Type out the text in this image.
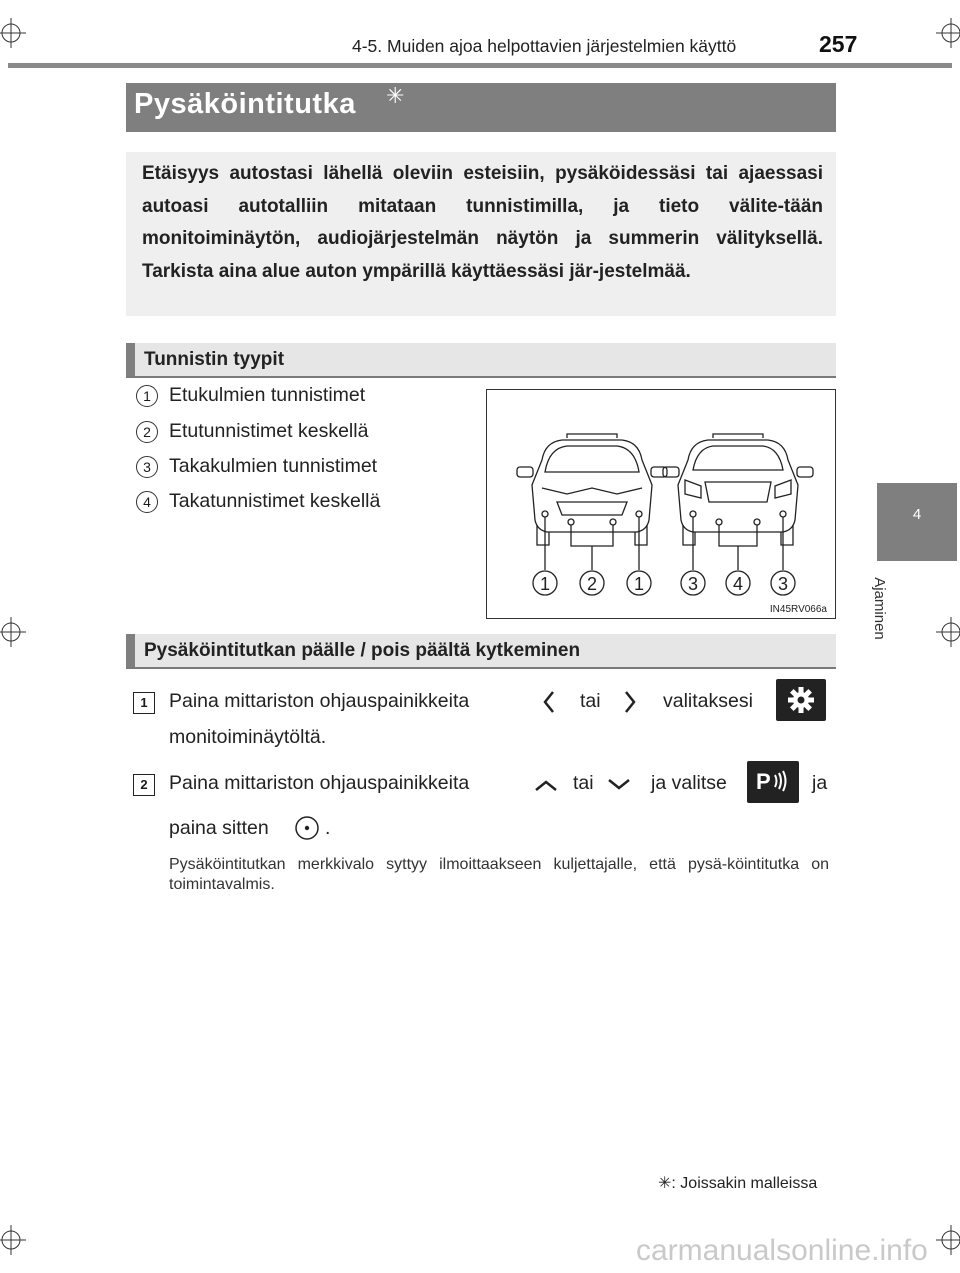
4-5. Muiden ajoa helpottavien järjestelmien käyttö	257
4
Ajaminen
Pysäköintitutka ✳
Etäisyys autostasi lähellä oleviin esteisiin, pysäköidessäsi tai ajaessasi autoasi autotalliin mitataan tunnistimilla, ja tieto välite-tään monitoiminäytön, audiojärjestelmän näytön ja summerin välityksellä. Tarkista aina alue auton ympärillä käyttäessäsi jär-jestelmää.
Tunnistin tyypit
1 Etukulmien tunnistimet
2 Etutunnistimet keskellä
3 Takakulmien tunnistimet
4 Takatunnistimet keskellä
1 2 1 3 4 3
IN45RV066a
Pysäköintitutkan päälle / pois päältä kytkeminen
1	Paina mittariston ohjauspainikkeita	tai	valitaksesi
monitoiminäytöltä.
2	Paina mittariston ohjauspainikkeita	tai	ja valitse P ja
paina sitten	.
Pysäköintitutkan merkkivalo syttyy ilmoittaakseen kuljettajalle, että pysä-köintitutka on toimintavalmis.
✳: Joissakin malleissa
carmanualsonline.info
